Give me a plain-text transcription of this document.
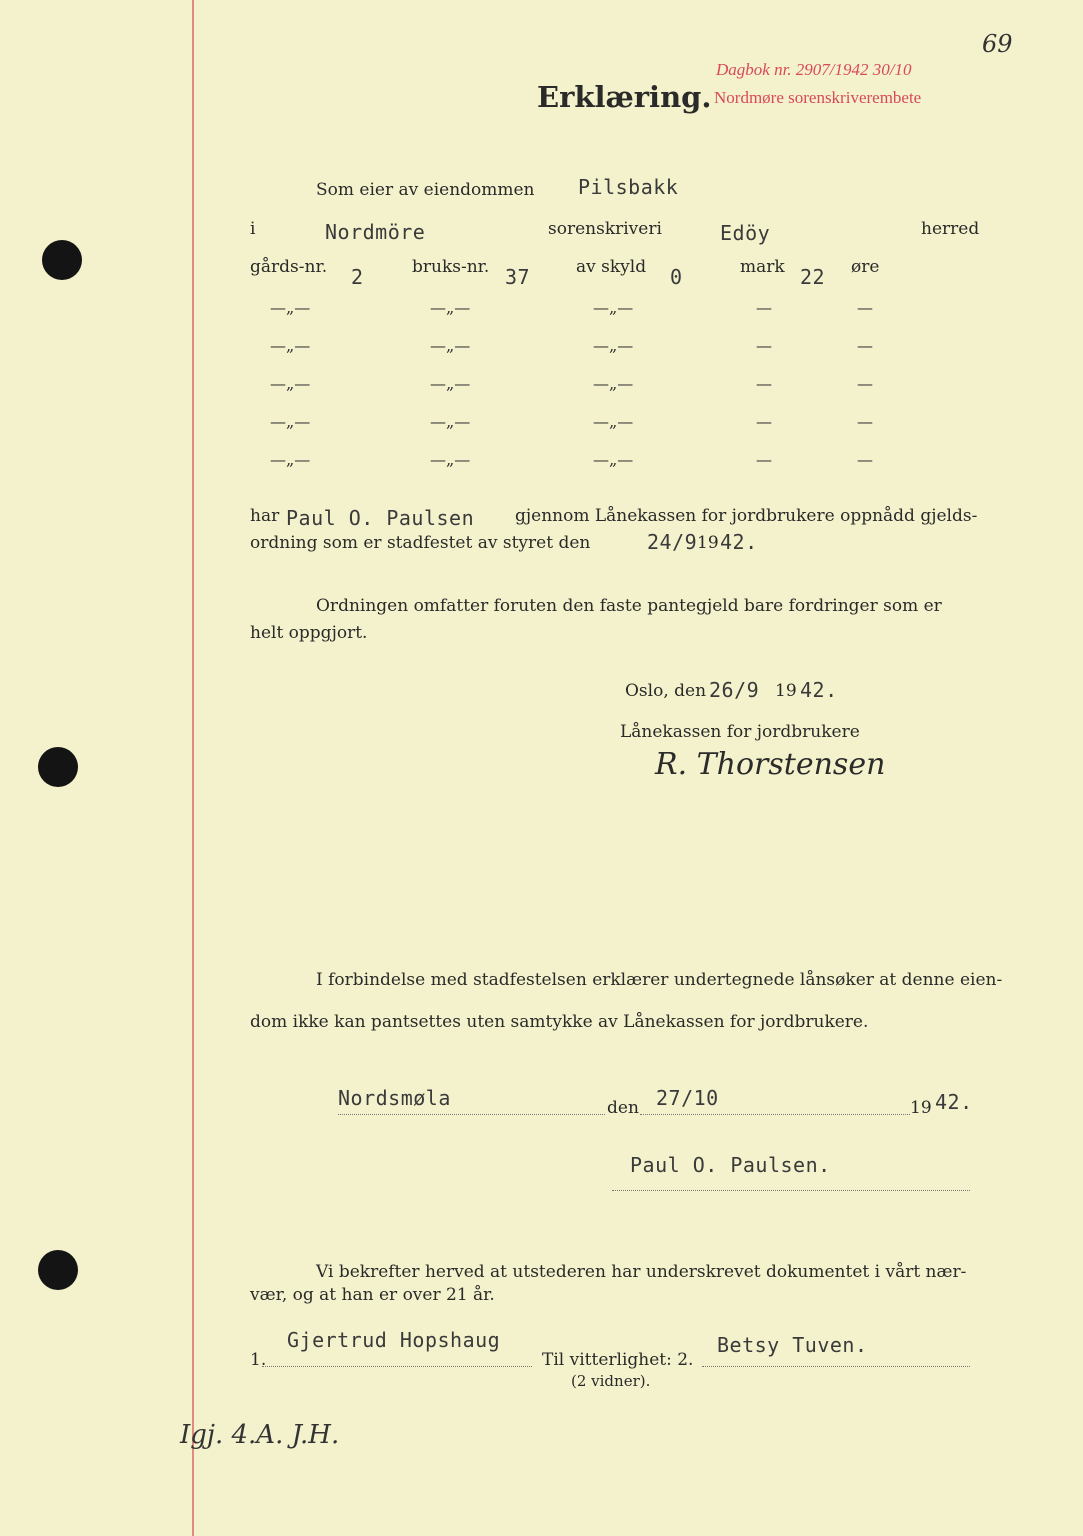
69
Dagbok nr. 2907/1942 30/10
Nordmøre sorenskriverembete
Erklæring.
Som eier av eiendommen Pilsbakk
i	Nordmöre	sorenskriveri	Edöy	herred
gårds-nr. 2	bruks-nr. 37	av skyld 0	mark 22 øre
—„—	—„—	—„—	—	—
—„—	—„—	—„—	—	—
—„—	—„—	—„—	—	—
—„—	—„—	—„—	—	—
—„—	—„—	—„—	—	—
har Paul O. Paulsen gjennom Lånekassen for jordbrukere oppnådd gjelds-
ordning som er stadfestet av styret den	24/9 19 42.
Ordningen omfatter foruten den faste pantegjeld bare fordringer som er
helt oppgjort.
Oslo, den 26/9 19 42.
Lånekassen for jordbrukere
R. Thorstensen
I forbindelse med stadfestelsen erklærer undertegnede lånsøker at denne eien-
dom ikke kan pantsettes uten samtykke av Lånekassen for jordbrukere.
Nordsmøla	den 27/10	19 42.
Paul O. Paulsen.
Vi bekrefter herved at utstederen har underskrevet dokumentet i vårt nær-
vær, og at han er over 21 år.
Gjertrud Hopshaug
1.	Til vitterlighet: 2.
Betsy Tuven.
(2 vidner).
Igj. 4.A. J.H.
